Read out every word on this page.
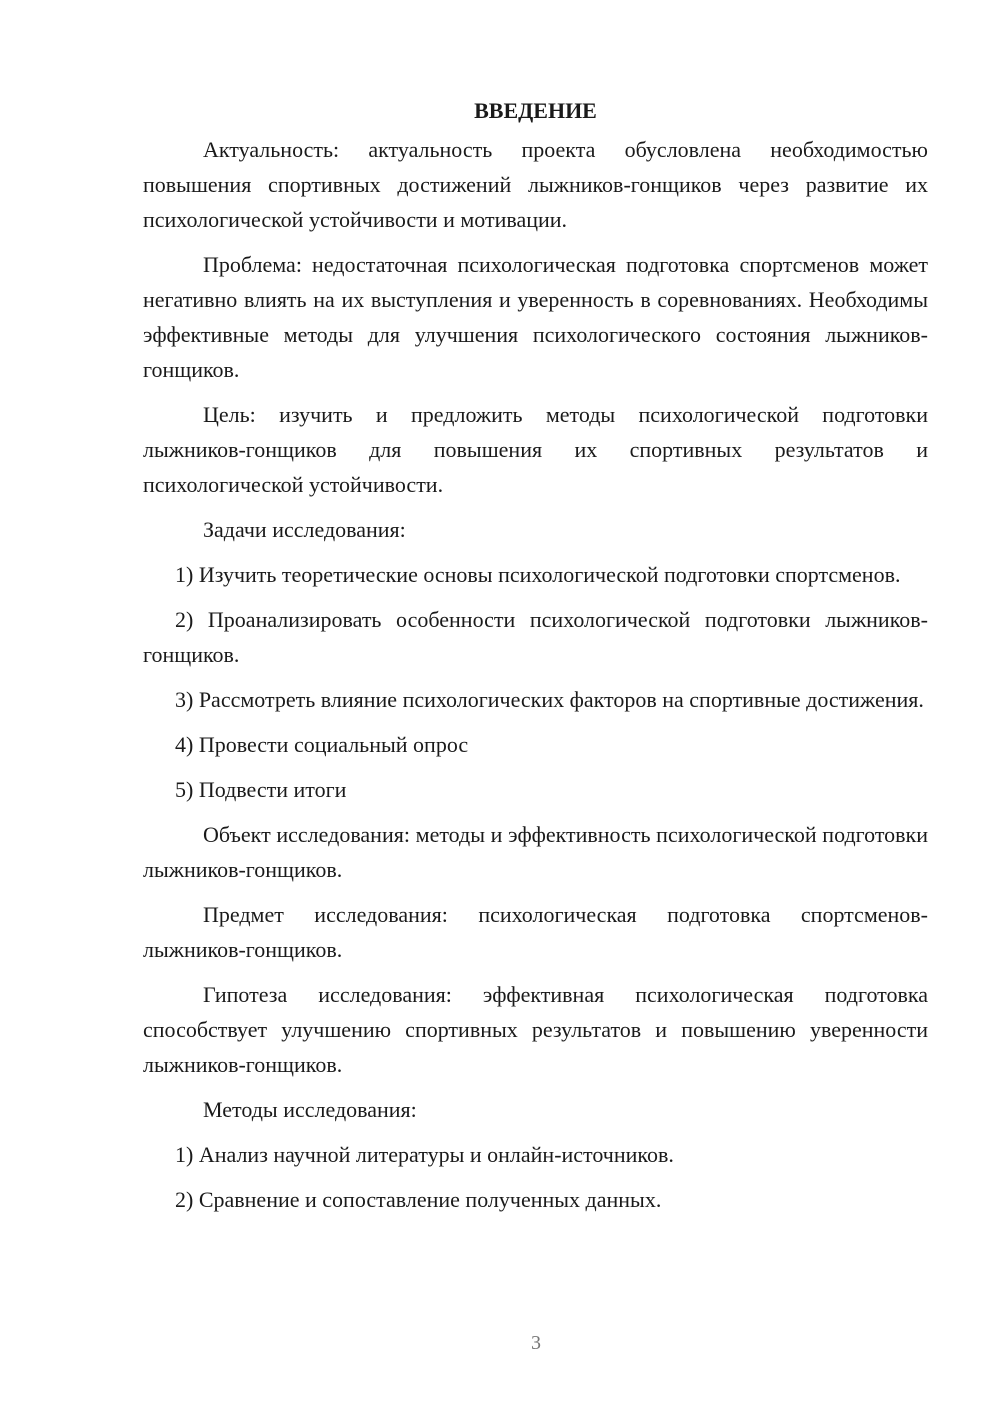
ВВЕДЕНИЕ

Актуальность: актуальность проекта обусловлена необходимостью повышения спортивных достижений лыжников-гонщиков через развитие их психологической устойчивости и мотивации.

Проблема: недостаточная психологическая подготовка спортсменов может негативно влиять на их выступления и уверенность в соревнованиях. Необходимы эффективные методы для улучшения психологического состояния лыжников-гонщиков.

Цель: изучить и предложить методы психологической подготовки лыжников-гонщиков для повышения их спортивных результатов и психологической устойчивости.

Задачи исследования:

1) Изучить теоретические основы психологической подготовки спортсменов.

2) Проанализировать особенности психологической подготовки лыжников-гонщиков.

3) Рассмотреть влияние психологических факторов на спортивные достижения.

4) Провести социальный опрос

5) Подвести итоги

Объект исследования: методы и эффективность психологической подготовки лыжников-гонщиков.

Предмет исследования: психологическая подготовка спортсменов-лыжников-гонщиков.

Гипотеза исследования: эффективная психологическая подготовка способствует улучшению спортивных результатов и повышению уверенности лыжников-гонщиков.

Методы исследования:

1) Анализ научной литературы и онлайн-источников.

2) Сравнение и сопоставление полученных данных.

3
